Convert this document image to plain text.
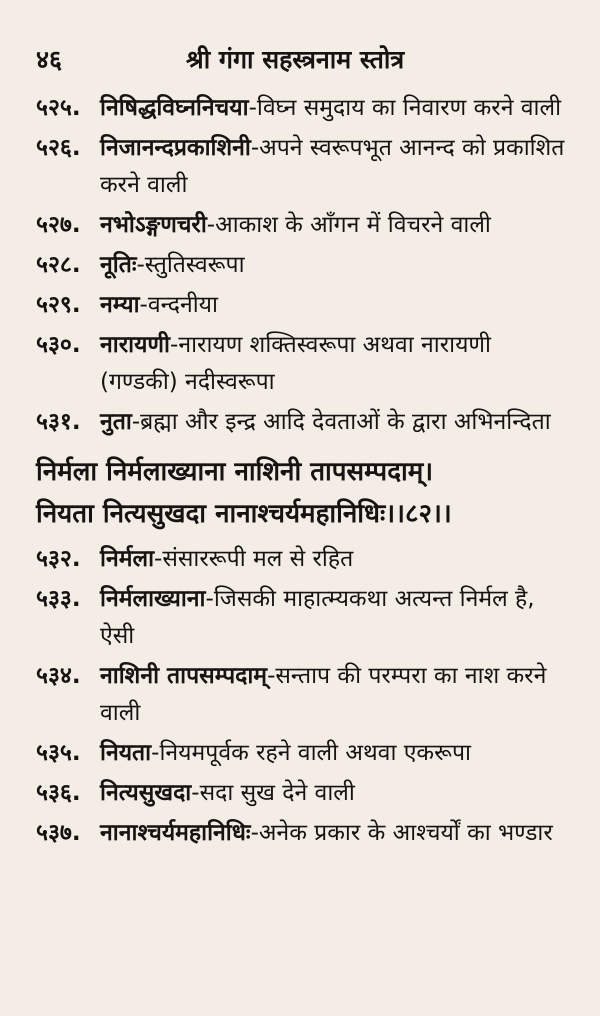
४६	श्री गंगा सहस्त्रनाम स्तोत्र
५२५. निषिद्धविघ्ननिचया-विघ्न समुदाय का निवारण करने वाली
५२६. निजानन्दप्रकाशिनी-अपने स्वरूपभूत आनन्द को प्रकाशित करने वाली
५२७. नभोऽङ्गणचरी-आकाश के आँगन में विचरने वाली
५२८. नूतिः-स्तुतिस्वरूपा
५२९. नम्या-वन्दनीया
५३०. नारायणी-नारायण शक्तिस्वरूपा अथवा नारायणी (गण्डकी) नदीस्वरूपा
५३१. नुता-ब्रह्मा और इन्द्र आदि देवताओं के द्वारा अभिनन्दिता
निर्मला निर्मलाख्याना नाशिनी तापसम्पदाम्।
नियता नित्यसुखदा नानाश्चर्यमहानिधिः।।८२।।
५३२. निर्मला-संसाररूपी मल से रहित
५३३. निर्मलाख्याना-जिसकी माहात्म्यकथा अत्यन्त निर्मल है, ऐसी
५३४. नाशिनी तापसम्पदाम्-सन्ताप की परम्परा का नाश करने वाली
५३५. नियता-नियमपूर्वक रहने वाली अथवा एकरूपा
५३६. नित्यसुखदा-सदा सुख देने वाली
५३७. नानाश्चर्यमहानिधिः-अनेक प्रकार के आश्चर्यों का भण्डार
